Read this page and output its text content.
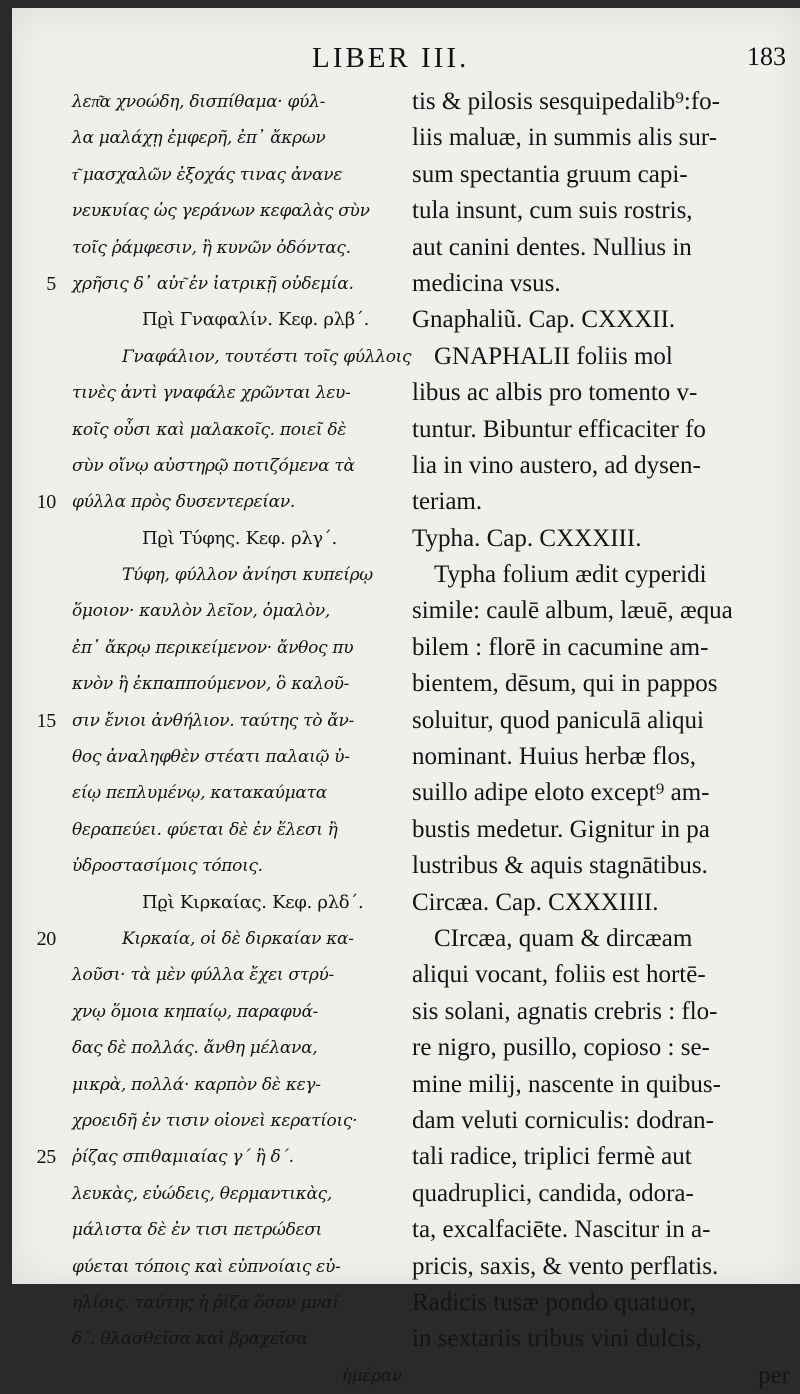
LIBER III.	183
λεπ͂α χνοώδη, δισπίθαμα· φύλ-
λα μαλάχῃ ἐμφερῆ, ἐπ᾽ ἄκρων
τ͂ μασχαλῶν ἐξοχάς τινας ἀνανε
νευκυίας ὡς γεράνων κεφαλὰς σὺν
τοῖς ῥάμφεσιν, ἢ κυνῶν ὀδόντας.
5 χρῆσις δ᾽ αὐτ͂ ἐν ἰατρικῇ οὐδεμία.
Πϱὶ Γναφαλίν. Κεφ. ρλβ΄.
Γναφάλιον, τουτέστι τοῖς φύλλοις
τινὲς ἀντὶ γναφάλε χρῶνται λευ-
κοῖς οὖσι καὶ μαλακοῖς. ποιεῖ δὲ
σὺν οἴνῳ αὐστηρῷ ποτιζόμενα τὰ
10 φύλλα πρὸς δυσεντερείαν.
Πϱὶ Τύφης. Κεφ. ρλγ΄.
Τύφη, φύλλον ἀνίησι κυπείρῳ
ὅμοιον· καυλὸν λεῖον, ὁμαλὸν,
ἐπ᾽ ἄκρῳ περικείμενον· ἄνθος πυ
κνὸν ἢ ἐκπαππούμενον, ὃ καλοῦ-
15 σιν ἔνιοι ἀνθήλιον. ταύτης τὸ ἄν-
θος ἀναληφθὲν στέατι παλαιῷ ὑ-
είῳ πεπλυμένῳ, κατακαύματα
θεραπεύει. φύεται δὲ ἐν ἕλεσι ἢ
ὑδροστασίμοις τόποις.
Πϱὶ Κιρκαίας. Κεφ. ρλδ΄.
20	Κιρκαία, οἱ δὲ διρκαίαν κα-
λοῦσι· τὰ μὲν φύλλα ἔχει στρύ-
χνῳ ὅμοια κηπαίῳ, παραφυά-
δας δὲ πολλάς. ἄνθη μέλανα,
μικρὰ, πολλά· καρπὸν δὲ κεγ-
χροειδῆ ἐν τισιν οἱονεὶ κερατίοις·
25 ῥίζας σπιθαμιαίας γ΄ ἢ δ΄.
λευκὰς, εὐώδεις, θερμαντικὰς,
μάλιστα δὲ ἐν τισι πετρώδεσι
φύεται τόποις καὶ εὐπνοίαις εὐ-
ηλίοις. ταύτης ἡ ῥίζα ὅσον μναῖ
δ΄. θλασθεῖσα καὶ βραχεῖσα
ἡμέραν
tis & pilosis sesquipedalib⁹:fo-
liis maluæ, in summis alis sur-
sum spectantia gruum capi-
tula insunt, cum suis rostris,
aut canini dentes. Nullius in
medicina vsus.
Gnaphaliũ. Cap. CXXXII.
GNAPHALII foliis mol
libus ac albis pro tomento v-
tuntur. Bibuntur efficaciter fo
lia in vino austero, ad dysen-
teriam.
Typha. Cap. CXXXIII.
Typha folium ædit cyperidi
simile: caulē album, læuē, æqua
bilem : florē in cacumine am-
bientem, dēsum, qui in pappos
soluitur, quod paniculā aliqui
nominant. Huius herbæ flos,
suillo adipe eloto except⁹ am-
bustis medetur. Gignitur in pa
lustribus & aquis stagnātibus.
Circæa. Cap. CXXXIIII.
CIrcæa, quam & dircæam
aliqui vocant, foliis est hortē-
sis solani, agnatis crebris : flo-
re nigro, pusillo, copioso : se-
mine milij, nascente in quibus-
dam veluti corniculis: dodran-
tali radice, triplici fermè aut
quadruplici, candida, odora-
ta, excalfaciēte. Nascitur in a-
pricis, saxis, & vento perflatis.
Radicis tusæ pondo quatuor,
in sextariis tribus vini dulcis,
per
